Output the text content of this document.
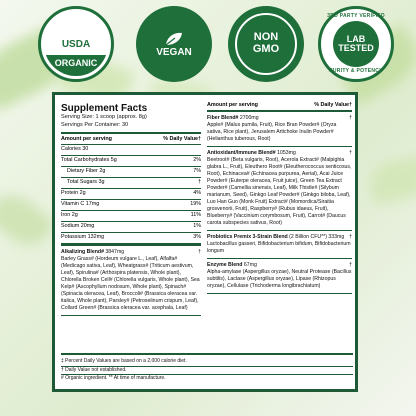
USDA
ORGANIC
VEGAN
NON
GMO
3RD PARTY VERIFIED
LAB
TESTED
PURITY & POTENCY
Supplement Facts
Serving Size: 1 scoop (approx. 8g)
Servings Per Container: 30
Amount per serving	% Daily Value†
Calories 30
Total Carbohydrates 5g	2%
Dietary Fiber 2g	7%
Total Sugars 3g	†
Protein 2g	4%
Vitamin C 17mg	19%
Iron 2g	11%
Sodium 20mg	1%
Potassium 132mg	3%
Alkalizing Blend# 3847mg	†
Barley Grass# (Hordeum vulgare L., Leaf), Alfalfa# (Medicago sativa, Leaf), Wheatgrass# (Triticum aestivum, Leaf), Spirulina# (Arthospira platensis, Whole plant), Chlorella Broken Cell# (Chlorella vulgaris, Whole plant), Sea Kelp# (Ascophyllum nodosum, Whole plant), Spinach# (Spinacia oleracea, Leaf), Broccoli# (Brassica oleracea var. italica, Whole plant), Parsley# (Petroselinum crispum, Leaf), Collard Green# (Brassica oleracea var. acephala, Leaf)
Amount per serving	% Daily Value†
Fiber Blend# 2700mg	†
Apple# (Malus pumila, Fruit), Rice Bran Powder# (Oryza sativa, Rice plant), Jerusalem Artichoke Inulin Powder# (Helianthus tuberous, Root)
Antioxidant/Immune Blend# 1053mg	†
Beetroot# (Beta vulgaris, Root), Acerola Extract# (Malpighia glabra L., Fruit), Eleuthero Root# (Eleutherococcus senticosus, Root), Echinacea# (Echinacea purpurea, Aerial), Acai Juice Powder# (Euterpe oleracea, Fruit juice), Green Tea Extract Powder# (Camellia sinensis, Leaf), Milk Thistle# (Silybum marianum, Seed), Ginkgo Leaf Powder# (Ginkgo biloba, Leaf), Luo Han Guo (Monk Fruit) Extract# (Momordica/Siraitia grosvenorii, Fruit), Raspberry# (Rubus idaeus, Fruit), Blueberry# (Vaccinium corymbosum, Fruit), Carrot# (Daucus carota subspecies sativus, Root)
Probiotics Premix 3-Strain Blend (2 Billion CFU**) 333mg †
Lactobacillus gasseri, Bifidobacterium bifidum, Bifidobacterium longum
Enzyme Blend 67mg	†
Alpha-amylase (Aspergillus oryzae), Neutral Protease (Bacillus subtilis), Lactase (Aspergillus oryzae), Lipase (Rhizopus oryzae), Cellulase (Trichoderma longibrachiatum)
‡ Percent Daily Values are based on a 2,000 calorie diet.
† Daily Value not established.
# Organic ingredient. ** At time of manufacture.
